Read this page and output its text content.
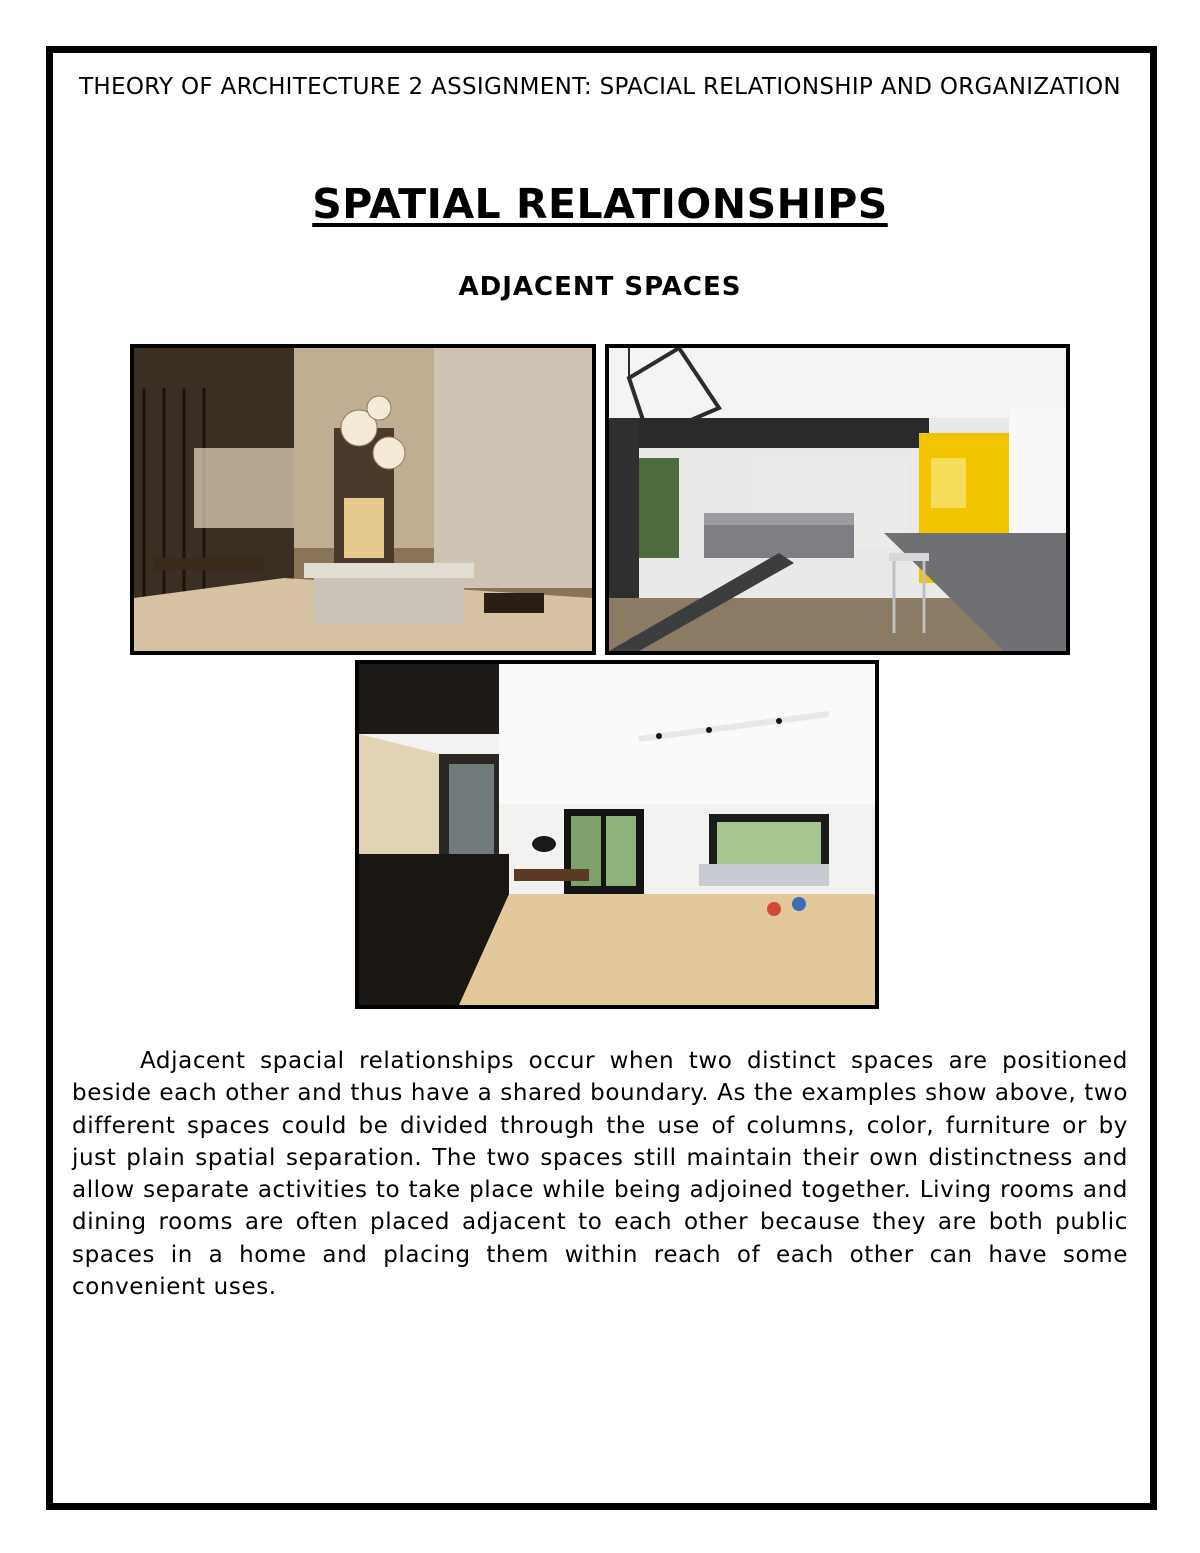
THEORY OF ARCHITECTURE 2 ASSIGNMENT: SPACIAL RELATIONSHIP AND ORGANIZATION
SPATIAL RELATIONSHIPS
ADJACENT SPACES
Adjacent spacial relationships occur when two distinct spaces are positioned beside each other and thus have a shared boundary. As the examples show above, two different spaces could be divided through the use of columns, color, furniture or by just plain spatial separation. The two spaces still maintain their own distinctness and allow separate activities to take place while being adjoined together. Living rooms and dining rooms are often placed adjacent to each other because they are both public spaces in a home and placing them within reach of each other can have some convenient uses.
